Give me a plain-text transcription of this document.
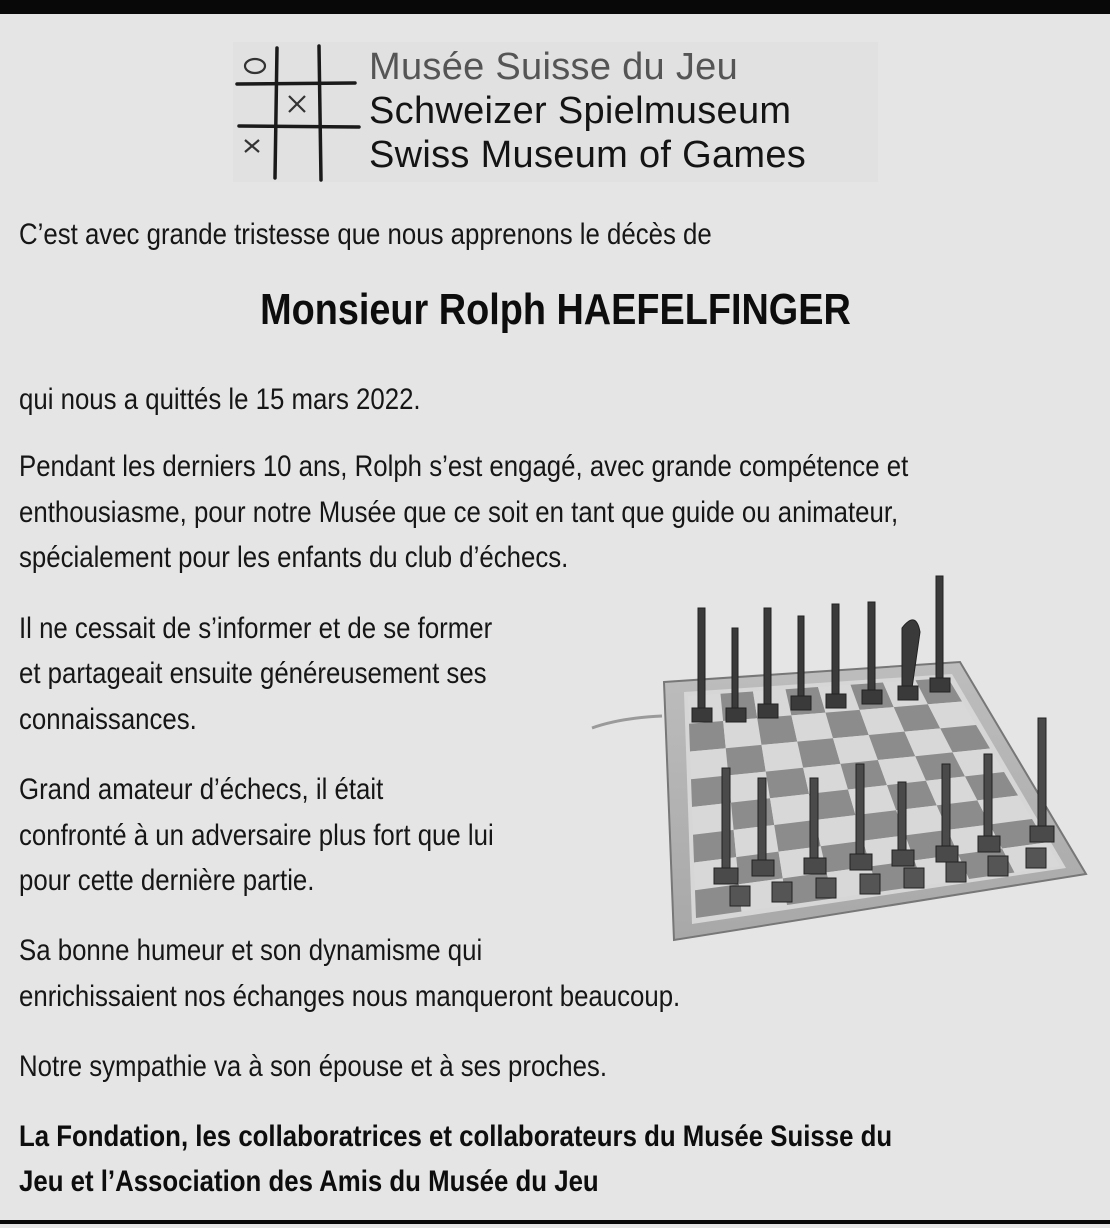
Musée Suisse du Jeu
Schweizer Spielmuseum
Swiss Museum of Games

C’est avec grande tristesse que nous apprenons le décès de

Monsieur Rolph HAEFELFINGER

qui nous a quittés le 15 mars 2022.

Pendant les derniers 10 ans, Rolph s’est engagé, avec grande compétence et

enthousiasme, pour notre Musée que ce soit en tant que guide ou animateur,

spécialement pour les enfants du club d’échecs.

Il ne cessait de s’informer et de se former

et partageait ensuite généreusement ses

connaissances.

Grand amateur d’échecs, il était

confronté à un adversaire plus fort que lui

pour cette dernière partie.

Sa bonne humeur et son dynamisme qui

enrichissaient nos échanges nous manqueront beaucoup.

Notre sympathie va à son épouse et à ses proches.

La Fondation, les collaboratrices et collaborateurs du Musée Suisse du

Jeu et l’Association des Amis du Musée du Jeu
